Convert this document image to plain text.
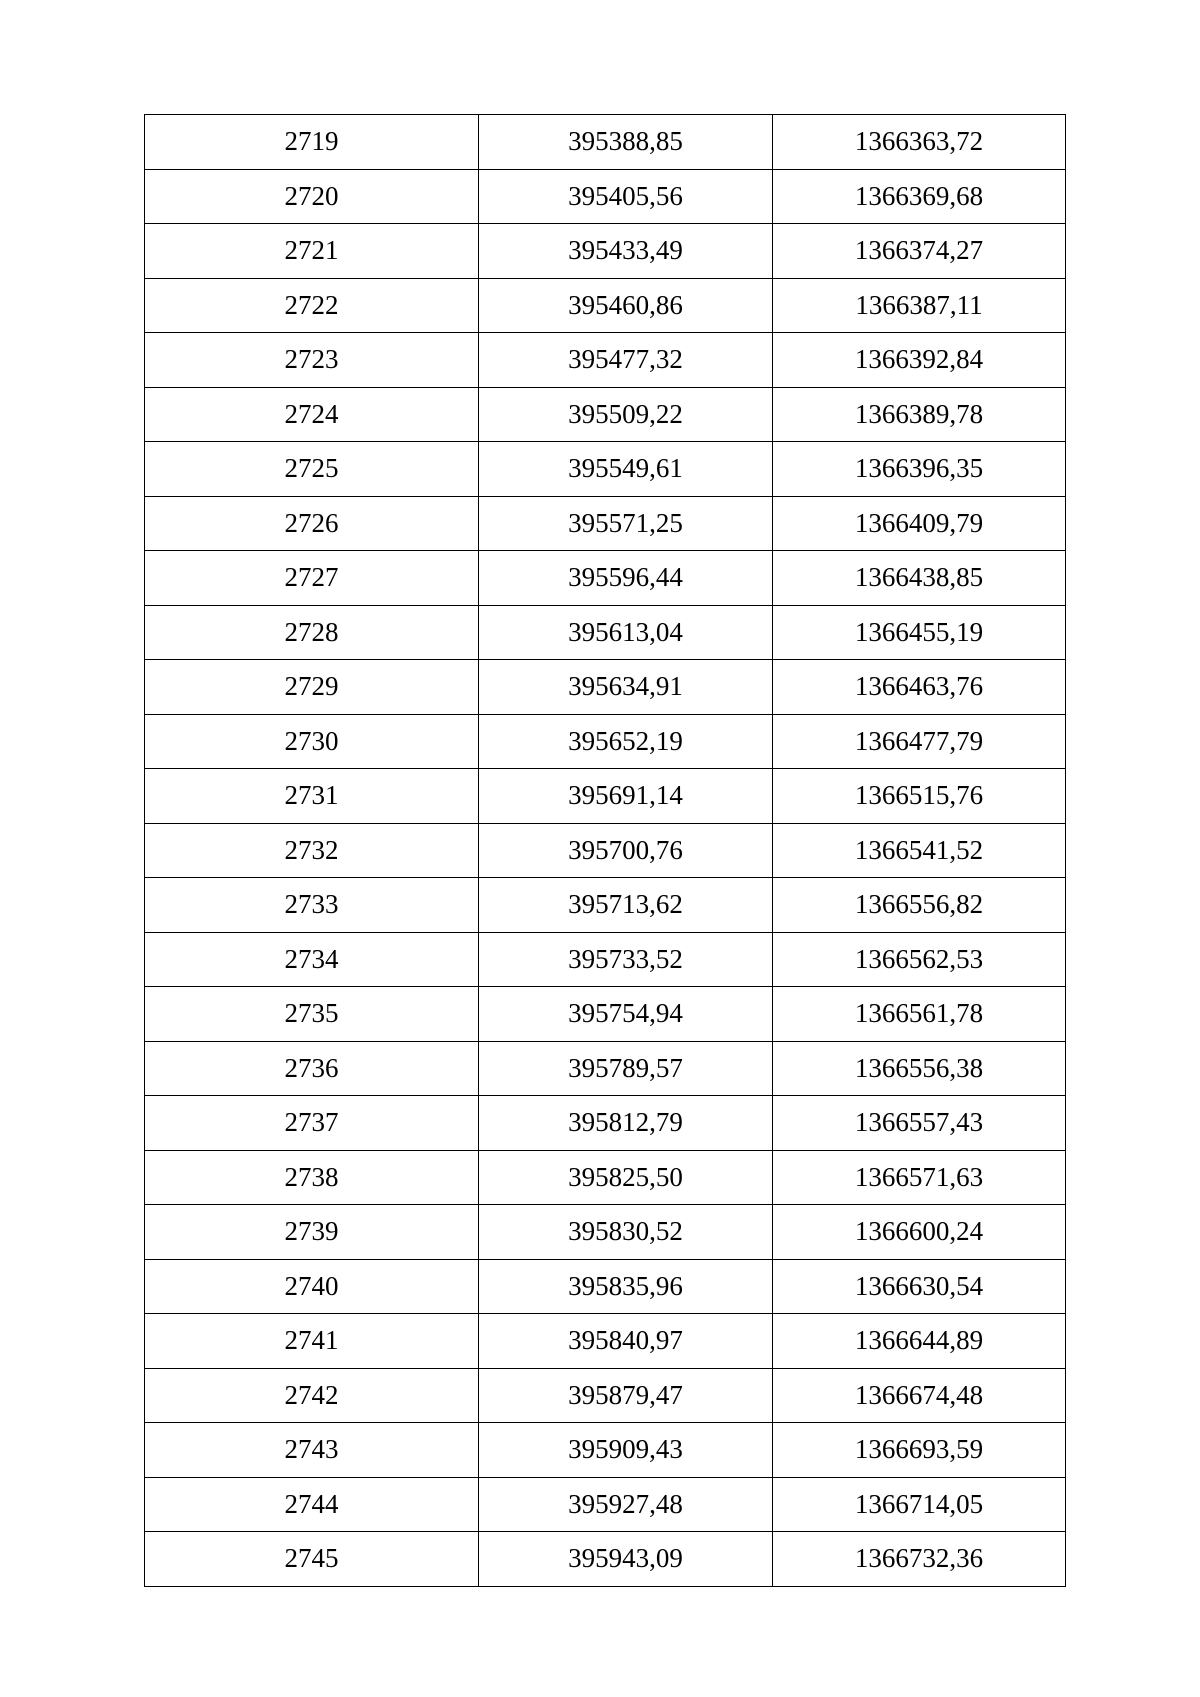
2719	395388,85	1366363,72
2720	395405,56	1366369,68
2721	395433,49	1366374,27
2722	395460,86	1366387,11
2723	395477,32	1366392,84
2724	395509,22	1366389,78
2725	395549,61	1366396,35
2726	395571,25	1366409,79
2727	395596,44	1366438,85
2728	395613,04	1366455,19
2729	395634,91	1366463,76
2730	395652,19	1366477,79
2731	395691,14	1366515,76
2732	395700,76	1366541,52
2733	395713,62	1366556,82
2734	395733,52	1366562,53
2735	395754,94	1366561,78
2736	395789,57	1366556,38
2737	395812,79	1366557,43
2738	395825,50	1366571,63
2739	395830,52	1366600,24
2740	395835,96	1366630,54
2741	395840,97	1366644,89
2742	395879,47	1366674,48
2743	395909,43	1366693,59
2744	395927,48	1366714,05
2745	395943,09	1366732,36
